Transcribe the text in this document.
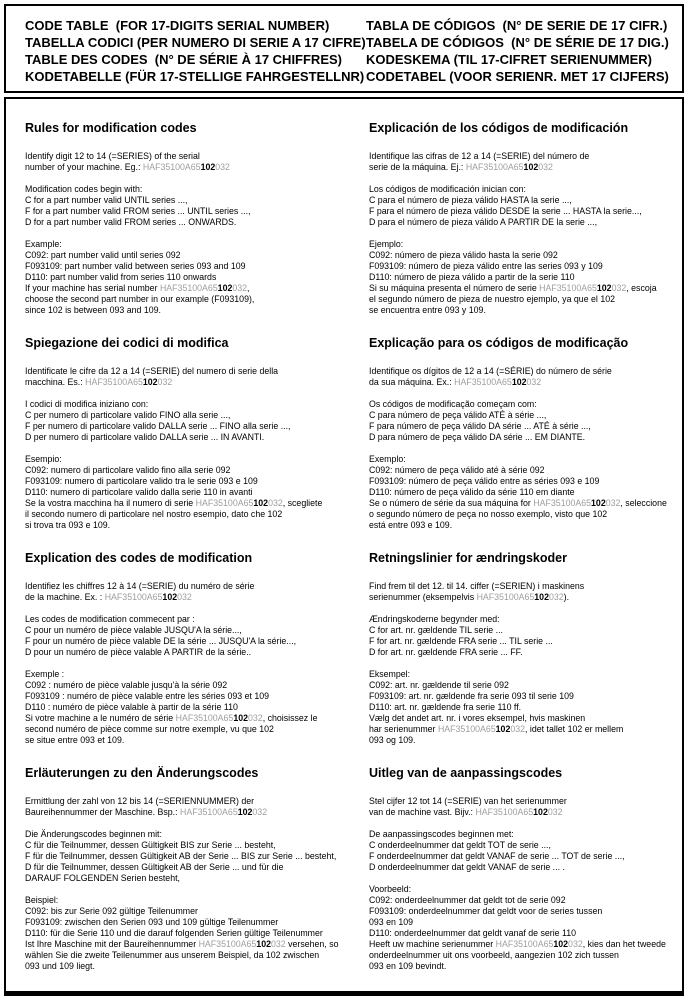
CODE TABLE  (FOR 17-DIGITS SERIAL NUMBER)
TABELLA CODICI (PER NUMERO DI SERIE A 17 CIFRE)
TABLE DES CODES  (N° DE SÉRIE À 17 CHIFFRES)
KODETABELLE (FÜR 17-STELLIGE FAHRGESTELLNR)
TABLA DE CÓDIGOS  (N° DE SERIE DE 17 CIFR.)
TABELA DE CÓDIGOS  (N° DE SÉRIE DE 17 DIG.)
KODESKEMA (TIL 17-CIFRET SERIENUMMER)
CODETABEL (VOOR SERIENR. MET 17 CIJFERS)
Rules for modification codes

Identify digit 12 to 14 (=SERIES) of the serial
number of your machine. Eg.: HAF35100A65102032

Modification codes begin with:
C for a part number valid UNTIL series ...,
F for a part number valid FROM series ... UNTIL series ...,
D for a part number valid FROM series ... ONWARDS.

Example:
C092: part number valid until series 092
F093109: part number valid between series 093 and 109
D110: part number valid from series 110 onwards
If your machine has serial number HAF35100A65102032,
choose the second part number in our example (F093109),
since 102 is between 093 and 109.

Explicación de los códigos de modificación

Identifique las cifras de 12 a 14 (=SERIE) del número de
serie de la máquina. Ej.: HAF35100A65102032

Los códigos de modificación inician con:
C para el número de pieza válido HASTA la serie ...,
F para el número de pieza válido DESDE la serie ... HASTA la serie...,
D para el número de pieza válido A PARTIR DE la serie ...,

Ejemplo:
C092: número de pieza válido hasta la serie 092
F093109: número de pieza válido entre las series 093 y 109
D110: número de pieza válido a partir de la serie 110
Si su máquina presenta el número de serie HAF35100A65102032, escoja
el segundo número de pieza de nuestro ejemplo, ya que el 102
se encuentra entre 093 y 109.

Spiegazione dei codici di modifica

Identificate le cifre da 12 a 14 (=SERIE) del numero di serie della
macchina. Es.: HAF35100A65102032

I codici di modifica iniziano con:
C per numero di particolare valido FINO alla serie ...,
F per numero di particolare valido DALLA serie ... FINO alla serie ...,
D per numero di particolare valido DALLA serie ... IN AVANTI.

Esempio:
C092: numero di particolare valido fino alla serie 092
F093109: numero di particolare valido tra le serie 093 e 109
D110: numero di particolare valido dalla serie 110 in avanti
Se la vostra macchina ha il numero di serie HAF35100A65102032, scegliete
il secondo numero di particolare nel nostro esempio, dato che 102
si trova tra 093 e 109.

Explicação para os códigos de modificação

Identifique os dígitos de 12 a 14 (=SÉRIE) do número de série
da sua máquina. Ex.: HAF35100A65102032

Os códigos de modificação começam com:
C para número de peça válido ATÉ à série ...,
F para número de peça válido DA série ... ATÉ à série ...,
D para número de peça válido DA série ... EM DIANTE.

Exemplo:
C092: número de peça válido até à série 092
F093109: número de peça válido entre as séries 093 e 109
D110: número de peça válido da série 110 em diante
Se o número de série da sua máquina for HAF35100A65102032, seleccione
o segundo número de peça no nosso exemplo, visto que 102
está entre 093 e 109.

Explication des codes de modification

Identifiez les chiffres 12 à 14 (=SERIE) du numéro de série
de la machine. Ex. : HAF35100A65102032

Les codes de modification commecent par :
C pour un numéro de pièce valable JUSQU'A la série...,
F pour un numéro de pièce valable DE la série ... JUSQU'A la série...,
D pour un numéro de pièce valable A PARTIR de la série..

Exemple :
C092 : numéro de pièce valable jusqu'à la série 092
F093109 : numéro de pièce valable entre les séries 093 et 109
D110 : numéro de pièce valable à partir de la série 110
Si votre machine a le numéro de série HAF35100A65102032, choisissez le
second numéro de pièce comme sur notre exemple, vu que 102
se situe entre 093 et 109.

Retningslinier for ændringskoder

Find frem til det 12. til 14. ciffer (=SERIEN) i maskinens
serienummer (eksempelvis HAF35100A65102032).

Ændringskoderne begynder med:
C for art. nr. gældende TIL serie ...
F for art. nr. gældende FRA serie ... TIL serie ...
D for art. nr. gældende FRA serie ... FF.

Eksempel:
C092: art. nr. gældende til serie 092
F093109: art. nr. gældende fra serie 093 til serie 109
D110: art. nr. gældende fra serie 110 ff.
Vælg det andet art. nr. i vores eksempel, hvis maskinen
har serienummer HAF35100A65102032, idet tallet 102 er mellem
093 og 109.

Erläuterungen zu den Änderungscodes

Ermittlung der zahl von 12 bis 14 (=SERIENNUMMER) der
Baureihennummer der Maschine. Bsp.: HAF35100A65102032

Die Änderungscodes beginnen mit:
C für die Teilnummer, dessen Gültigkeit BIS zur Serie ... besteht,
F für die Teilnummer, dessen Gültigkeit AB der Serie ... BIS zur Serie ... besteht,
D für die Teilnummer, dessen Gültigkeit AB der Serie ... und für die
DARAUF FOLGENDEN Serien besteht,

Beispiel:
C092: bis zur Serie 092 gültige Teilenummer
F093109: zwischen den Serien 093 und 109 gültige Teilenummer
D110: für die Serie 110 und die darauf folgenden Serien gültige Teilenummer
Ist Ihre Maschine mit der Baureihennummer HAF35100A65102032 versehen, so
wählen Sie die zweite Teilenummer aus unserem Beispiel, da 102 zwischen
093 und 109 liegt.

Uitleg van de aanpassingscodes

Stel cijfer 12 tot 14 (=SERIE) van het serienummer
van de machine vast. Bijv.: HAF35100A65102032

De aanpassingscodes beginnen met:
C onderdeelnummer dat geldt TOT de serie ...,
F onderdeelnummer dat geldt VANAF de serie ... TOT de serie ...,
D onderdeelnummer dat geldt VANAF de serie ... .

Voorbeeld:
C092: onderdeelnummer dat geldt tot de serie 092
F093109: onderdeelnummer dat geldt voor de series tussen
093 en 109
D110: onderdeelnummer dat geldt vanaf de serie 110
Heeft uw machine serienummer HAF35100A65102032, kies dan het tweede
onderdeelnummer uit ons voorbeeld, aangezien 102 zich tussen
093 en 109 bevindt.
